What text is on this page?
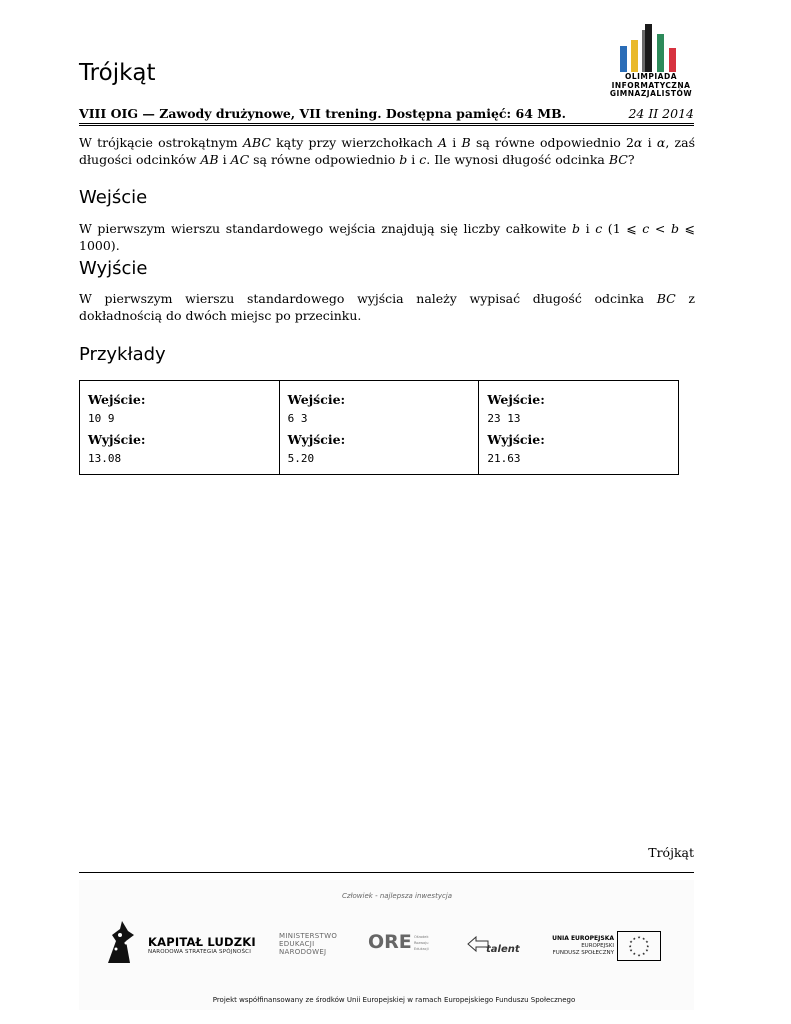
Trójkąt	OLIMPIADA
INFORMATYCZNA
GIMNAZJALISTÓW
VIII OIG — Zawody drużynowe, VII trening. Dostępna pamięć: 64 MB.	24 II 2014
W trójkącie ostrokątnym ABC kąty przy wierzchołkach A i B są równe odpowiednio 2α i α, zaś długości odcinków AB i AC są równe odpowiednio b i c. Ile wynosi długość odcinka BC?
Wejście
W pierwszym wierszu standardowego wejścia znajdują się liczby całkowite b i c (1 ⩽ c < b ⩽ 1000).
Wyjście
W pierwszym wierszu standardowego wyjścia należy wypisać długość odcinka BC z dokładnością do dwóch miejsc po przecinku.
Przykłady
Wejście:
10 9
Wyjście:
13.08
Wejście:
6 3
Wyjście:
5.20
Wejście:
23 13
Wyjście:
21.63
Trójkąt
Człowiek - najlepsza inwestycja
KAPITAŁ LUDZKI
NARODOWA STRATEGIA SPÓJNOŚCI
MINISTERSTWO
EDUKACJI
NARODOWEJ	ORE Ośrodek
Rozwoju
Edukacji	talent
UNIA EUROPEJSKA
EUROPEJSKI
FUNDUSZ SPOŁECZNY
★ ★
★
★
★
★
★
★
★
★
★
★
Projekt współfinansowany ze środków Unii Europejskiej w ramach Europejskiego Funduszu Społecznego
